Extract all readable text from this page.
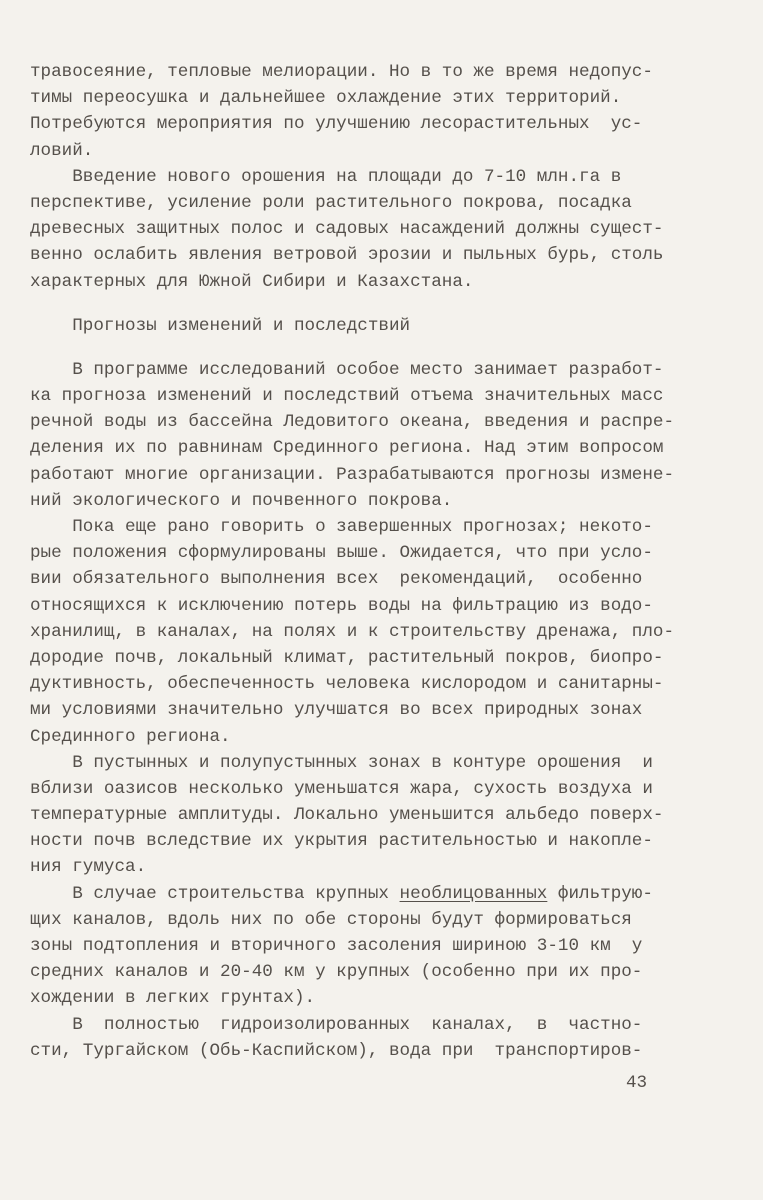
травосеяние, тепловые мелиорации. Но в то же время недопус-
тимы переосушка и дальнейшее охлаждение этих территорий.
Потребуются мероприятия по улучшению лесорастительных  ус-
ловий.
Введение нового орошения на площади до 7-10 млн.га в
перспективе, усиление роли растительного покрова, посадка
древесных защитных полос и садовых насаждений должны сущест-
венно ослабить явления ветровой эрозии и пыльных бурь, столь
характерных для Южной Сибири и Казахстана.
Прогнозы изменений и последствий
В программе исследований особое место занимает разработ-
ка прогноза изменений и последствий отъема значительных масс
речной воды из бассейна Ледовитого океана, введения и распре-
деления их по равнинам Срединного региона. Над этим вопросом
работают многие организации. Разрабатываются прогнозы измене-
ний экологического и почвенного покрова.
Пока еще рано говорить о завершенных прогнозах; некото-
рые положения сформулированы выше. Ожидается, что при усло-
вии обязательного выполнения всех  рекомендаций,  особенно
относящихся к исключению потерь воды на фильтрацию из водо-
хранилищ, в каналах, на полях и к строительству дренажа, пло-
дородие почв, локальный климат, растительный покров, биопро-
дуктивность, обеспеченность человека кислородом и санитарны-
ми условиями значительно улучшатся во всех природных зонах
Срединного региона.
В пустынных и полупустынных зонах в контуре орошения  и
вблизи оазисов несколько уменьшатся жара, сухость воздуха и
температурные амплитуды. Локально уменьшится альбедо поверх-
ности почв вследствие их укрытия растительностью и накопле-
ния гумуса.
В случае строительства крупных необлицованных фильтрую-
щих каналов, вдоль них по обе стороны будут формироваться
зоны подтопления и вторичного засоления шириною 3-10 км  у
средних каналов и 20-40 км у крупных (особенно при их про-
хождении в легких грунтах).
В  полностью  гидроизолированных  каналах,  в  частно-
сти, Тургайском (Обь-Каспийском), вода при  транспортиров-
43
